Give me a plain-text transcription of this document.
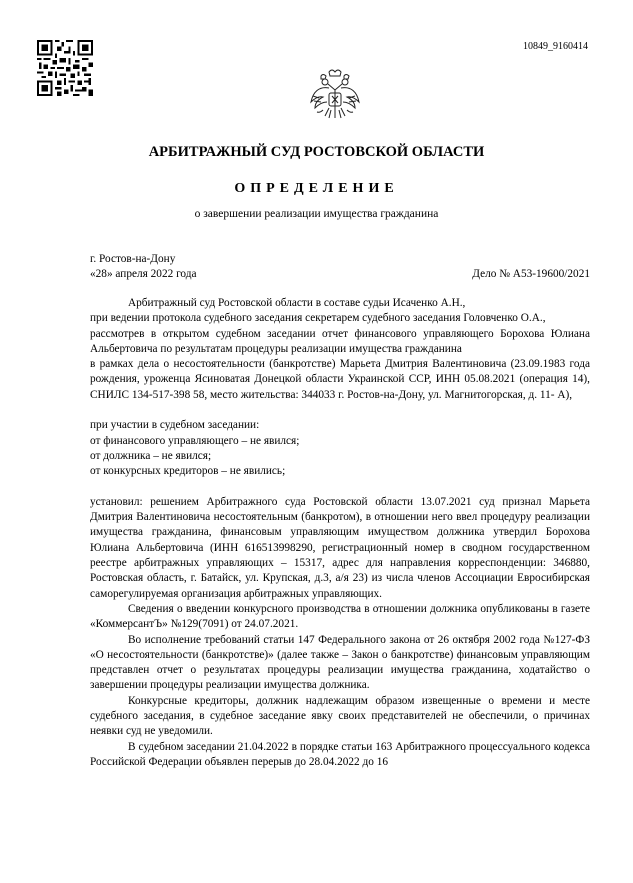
10849_9160414
АРБИТРАЖНЫЙ СУД РОСТОВСКОЙ ОБЛАСТИ
ОПРЕДЕЛЕНИЕ
о завершении реализации имущества гражданина
г. Ростов-на-Дону
«28» апреля 2022 года	Дело № А53-19600/2021

Арбитражный суд Ростовской области в составе судьи Исаченко А.Н.,

при ведении протокола судебного заседания секретарем судебного заседания Головченко О.А.,

рассмотрев в открытом судебном заседании отчет финансового управляющего Борохова Юлиана Альбертовича по результатам процедуры реализации имущества гражданина

в рамках дела о несостоятельности (банкротстве) Марьета Дмитрия Валентиновича (23.09.1983 года рождения, уроженца Ясиноватая Донецкой области Украинской ССР, ИНН 05.08.2021 (операция 14), СНИЛС 134-517-398 58, место жительства: 344033 г. Ростов-на-Дону, ул. Магнитогорская, д. 11- А),

при участии в судебном заседании:

от финансового управляющего – не явился;

от должника – не явился;

от конкурсных кредиторов – не явились;

установил: решением Арбитражного суда Ростовской области 13.07.2021 суд признал Марьета Дмитрия Валентиновича несостоятельным (банкротом), в отношении него ввел процедуру реализации имущества гражданина, финансовым управляющим имуществом должника утвердил Борохова Юлиана Альбертовича (ИНН 616513998290, регистрационный номер в сводном государственном реестре арбитражных управляющих – 15317, адрес для направления корреспонденции: 346880, Ростовская область, г. Батайск, ул. Крупская, д.3, а/я 23) из числа членов Ассоциации Евросибирская саморегулируемая организация арбитражных управляющих.

Сведения о введении конкурсного производства в отношении должника опубликованы в газете «КоммерсантЪ» №129(7091) от 24.07.2021.

Во исполнение требований статьи 147 Федерального закона от 26 октября 2002 года №127-ФЗ «О несостоятельности (банкротстве)» (далее также – Закон о банкротстве) финансовым управляющим представлен отчет о результатах процедуры реализации имущества гражданина, ходатайство о завершении процедуры реализации имущества должника.

Конкурсные кредиторы, должник надлежащим образом извещенные о времени и месте судебного заседания, в судебное заседание явку своих представителей не обеспечили, о причинах неявки суд не уведомили.

В судебном заседании 21.04.2022 в порядке статьи 163 Арбитражного процессуального кодекса Российской Федерации объявлен перерыв до 28.04.2022 до 16
